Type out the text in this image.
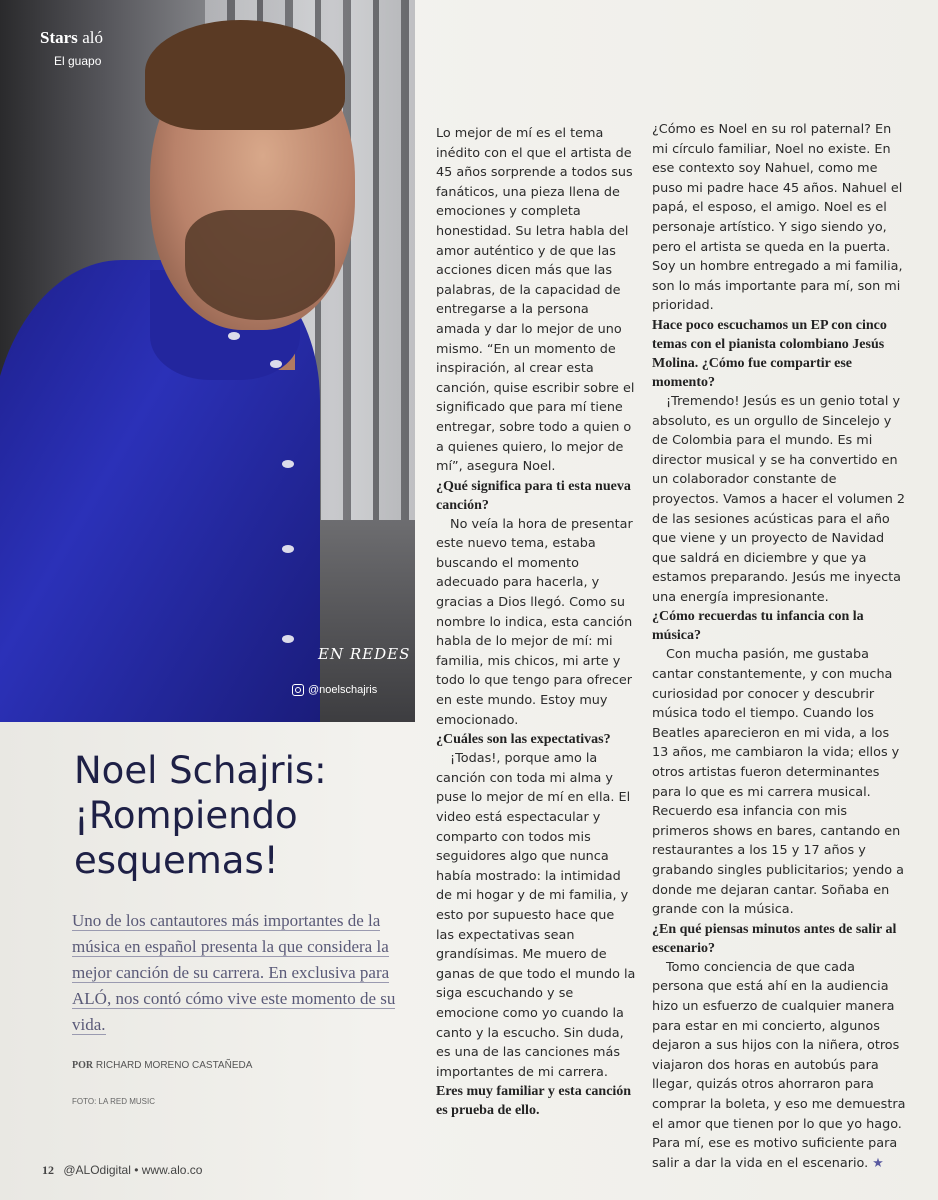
Stars aló
El guapo
EN REDES
@noelschajris
Noel Schajris: ¡Rompiendo esquemas!

Uno de los cantautores más importantes de la música en español presenta la que considera la mejor canción de su carrera. En exclusiva para ALÓ, nos contó cómo vive este momento de su vida.

POR RICHARD MORENO CASTAÑEDA
FOTO: LA RED MUSIC
12 @ALOdigital • www.alo.co

Lo mejor de mí es el tema inédito con el que el artista de 45 años sorprende a todos sus fanáticos, una pieza llena de emociones y completa honestidad. Su letra habla del amor auténtico y de que las acciones dicen más que las palabras, de la capacidad de entregarse a la persona amada y dar lo mejor de uno mismo. “En un momento de inspiración, al crear esta canción, quise escribir sobre el significado que para mí tiene entregar, sobre todo a quien o a quienes quiero, lo mejor de mí”, asegura Noel.

¿Qué significa para ti esta nueva canción?

No veía la hora de presentar este nuevo tema, estaba buscando el momento adecuado para hacerla, y gracias a Dios llegó. Como su nombre lo indica, esta canción habla de lo mejor de mí: mi familia, mis chicos, mi arte y todo lo que tengo para ofrecer en este mundo. Estoy muy emocionado.

¿Cuáles son las expectativas?

¡Todas!, porque amo la canción con toda mi alma y puse lo mejor de mí en ella. El video está espectacular y comparto con todos mis seguidores algo que nunca había mostrado: la intimidad de mi hogar y de mi familia, y esto por supuesto hace que las expectativas sean grandísimas. Me muero de ganas de que todo el mundo la siga escuchando y se emocione como yo cuando la canto y la escucho. Sin duda, es una de las canciones más importantes de mi carrera.

Eres muy familiar y esta canción es prueba de ello.

¿Cómo es Noel en su rol paternal? En mi círculo familiar, Noel no existe. En ese contexto soy Nahuel, como me puso mi padre hace 45 años. Nahuel el papá, el esposo, el amigo. Noel es el personaje artístico. Y sigo siendo yo, pero el artista se queda en la puerta. Soy un hombre entregado a mi familia, son lo más importante para mí, son mi prioridad.

Hace poco escuchamos un EP con cinco temas con el pianista colombiano Jesús Molina. ¿Cómo fue compartir ese momento?

¡Tremendo! Jesús es un genio total y absoluto, es un orgullo de Sincelejo y de Colombia para el mundo. Es mi director musical y se ha convertido en un colaborador constante de proyectos. Vamos a hacer el volumen 2 de las sesiones acústicas para el año que viene y un proyecto de Navidad que saldrá en diciembre y que ya estamos preparando. Jesús me inyecta una energía impresionante.

¿Cómo recuerdas tu infancia con la música?

Con mucha pasión, me gustaba cantar constantemente, y con mucha curiosidad por conocer y descubrir música todo el tiempo. Cuando los Beatles aparecieron en mi vida, a los 13 años, me cambiaron la vida; ellos y otros artistas fueron determinantes para lo que es mi carrera musical. Recuerdo esa infancia con mis primeros shows en bares, cantando en restaurantes a los 15 y 17 años y grabando singles publicitarios; yendo a donde me dejaran cantar. Soñaba en grande con la música.

¿En qué piensas minutos antes de salir al escenario?

Tomo conciencia de que cada persona que está ahí en la audiencia hizo un esfuerzo de cualquier manera para estar en mi concierto, algunos dejaron a sus hijos con la niñera, otros viajaron dos horas en autobús para llegar, quizás otros ahorraron para comprar la boleta, y eso me demuestra el amor que tienen por lo que yo hago. Para mí, ese es motivo suficiente para salir a dar la vida en el escenario. ★
